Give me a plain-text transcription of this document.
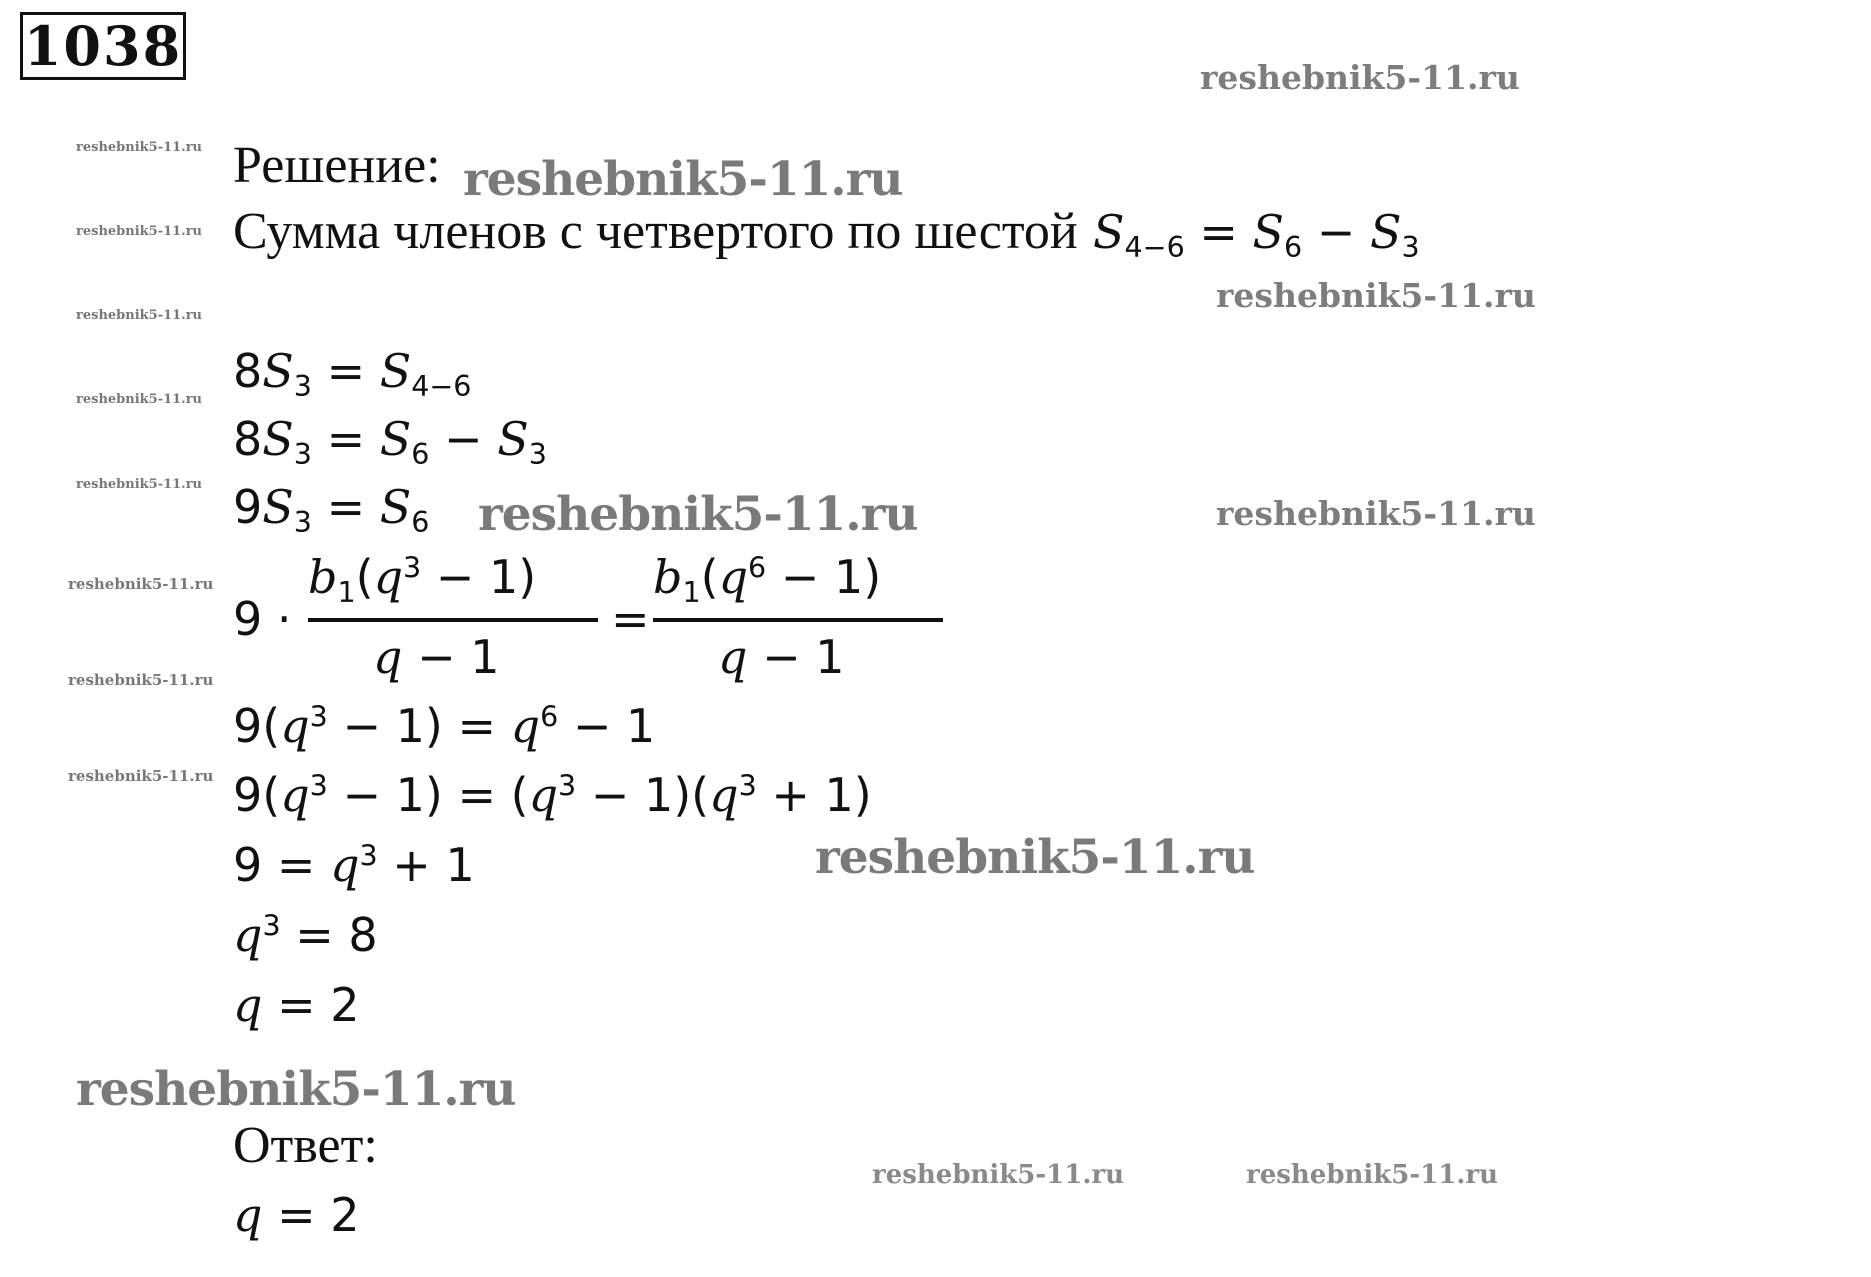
1038	reshebnik5-11.ru
reshebnik5-11.ru
reshebnik5-11.ru
reshebnik5-11.ru	reshebnik5-11.ru
reshebnik5-11.ru
reshebnik5-11.ru
reshebnik5-11.ru	reshebnik5-11.ru
reshebnik5-11.ru
reshebnik5-11.ru
reshebnik5-11.ru
reshebnik5-11.ru
reshebnik5-11.ru
reshebnik5-11.ru
reshebnik5-11.ru
reshebnik5-11.ru
Решение:
Сумма членов с четвертого по шестой $S_{4-6} = S_6 - S_3$
$8S_3 = S_{4-6}$
$8S_3 = S_6 - S_3$
$9S_3 = S_6$
9 ·
$b_1(q^3 - 1)$
q − 1
=
$b_1(q^6 - 1)$
q − 1
$9(q^3 - 1) = q^6 - 1$
$9(q^3 - 1) = (q^3 - 1)(q^3 + 1)$
$9 = q^3 + 1$
$q^3 = 8$
q = 2
Ответ:
q = 2
